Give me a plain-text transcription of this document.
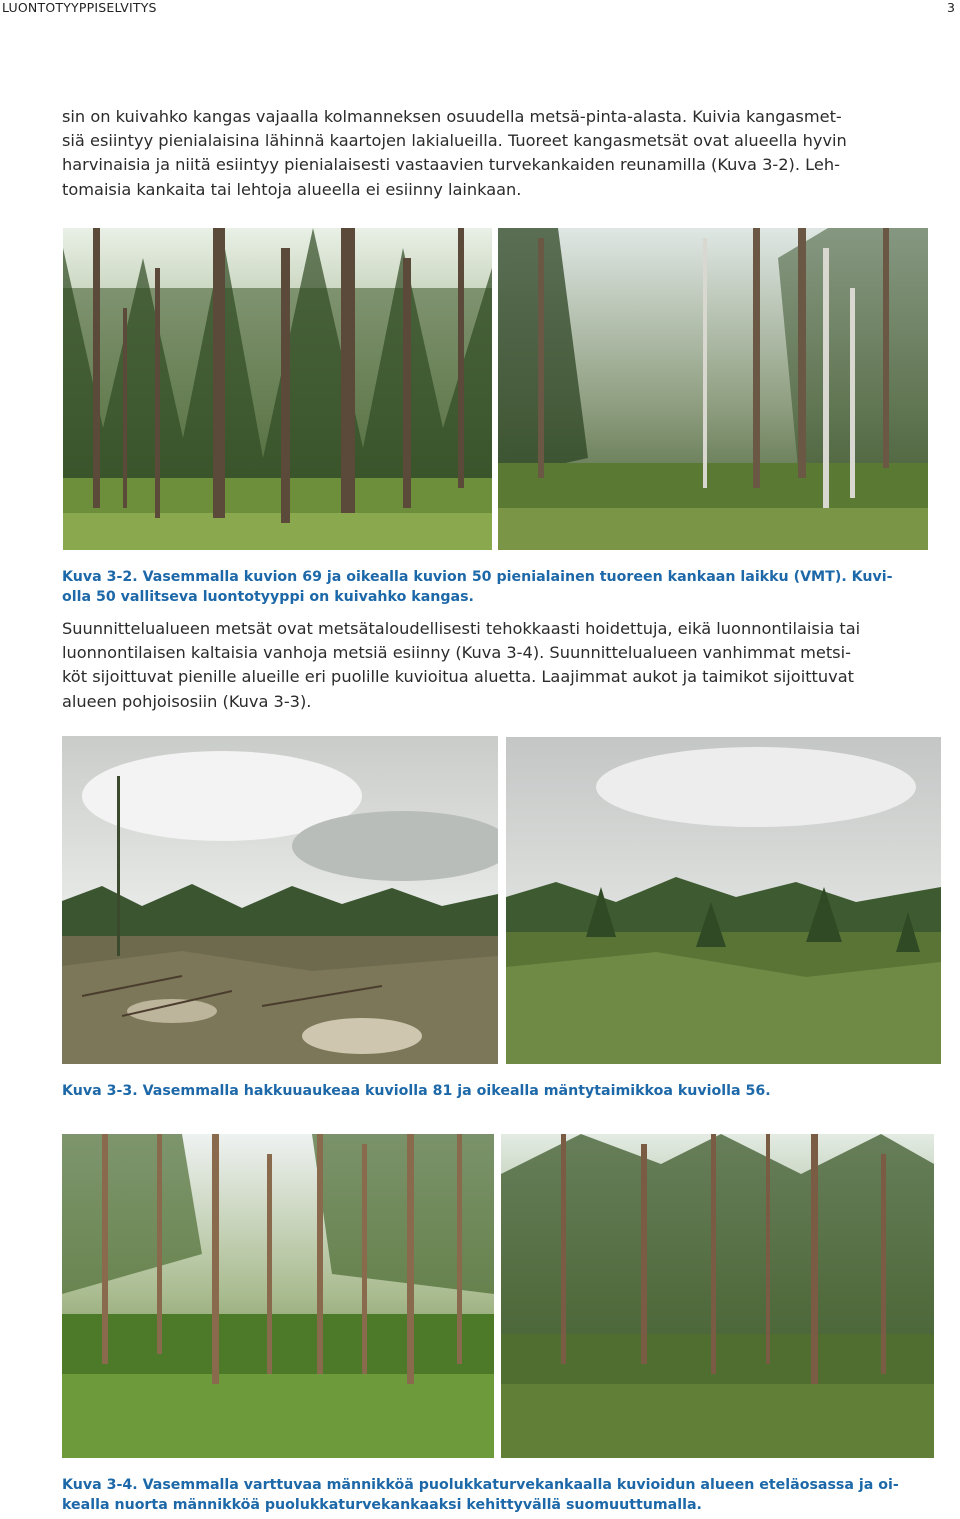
LUONTOTYYPPISELVITYS	3
sin on kuivahko kangas vajaalla kolmanneksen osuudella metsä-pinta-alasta. Kuivia kangasmet-
siä esiintyy pienialaisina lähinnä kaartojen lakialueilla. Tuoreet kangasmetsät ovat alueella hyvin
harvinaisia ja niitä esiintyy pienialaisesti vastaavien turvekankaiden reunamilla (Kuva 3-2). Leh-
tomaisia kankaita tai lehtoja alueella ei esiinny lainkaan.
Kuva 3-2. Vasemmalla kuvion 69 ja oikealla kuvion 50 pienialainen tuoreen kankaan laikku (VMT). Kuvi-
olla 50 vallitseva luontotyyppi on kuivahko kangas.
Suunnittelualueen metsät ovat metsätaloudellisesti tehokkaasti hoidettuja, eikä luonnontilaisia tai
luonnontilaisen kaltaisia vanhoja metsiä esiinny (Kuva 3-4). Suunnittelualueen vanhimmat metsi-
köt sijoittuvat pienille alueille eri puolille kuvioitua aluetta. Laajimmat aukot ja taimikot sijoittuvat
alueen pohjoisosiin (Kuva 3-3).
Kuva 3-3. Vasemmalla hakkuuaukeaa kuviolla 81 ja oikealla mäntytaimikkoa kuviolla 56.
Kuva 3-4. Vasemmalla varttuvaa männikköä puolukkaturvekankaalla kuvioidun alueen eteläosassa ja oi-
kealla nuorta männikköä puolukkaturvekankaaksi kehittyvällä suomuuttumalla.
